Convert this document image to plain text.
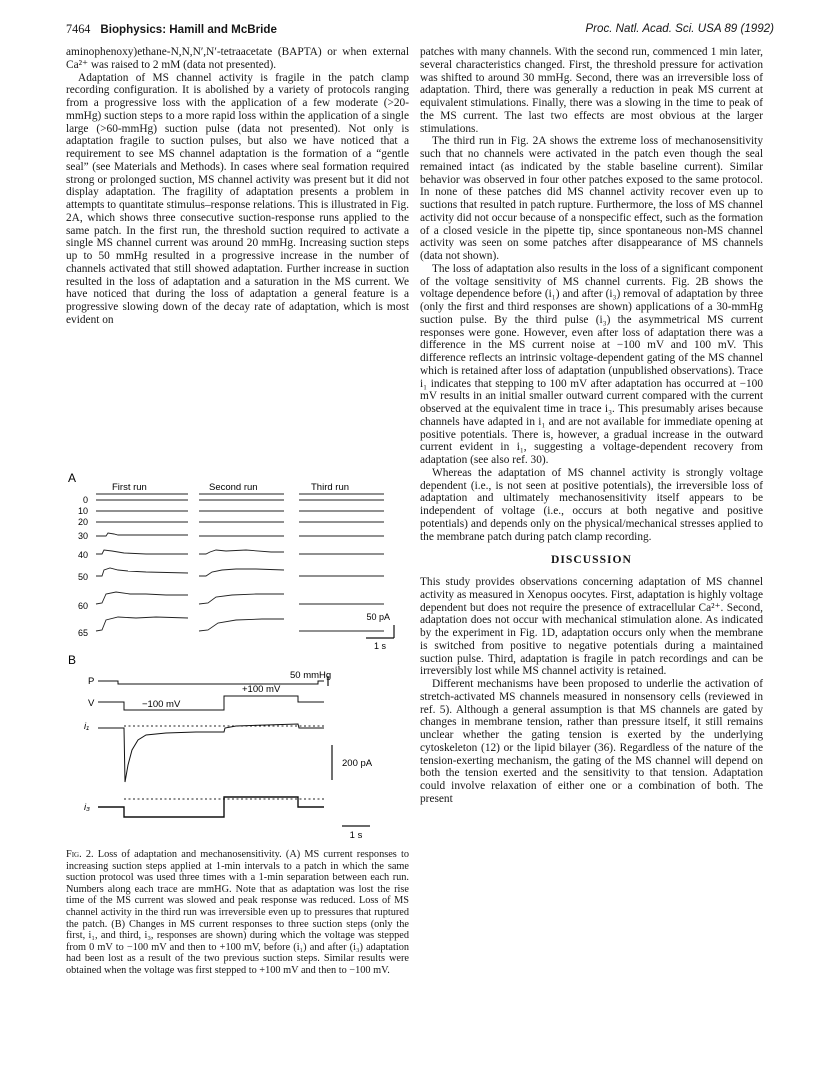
7464 Biophysics: Hamill and McBride	Proc. Natl. Acad. Sci. USA 89 (1992)

aminophenoxy)ethane-N,N,N′,N′-tetraacetate (BAPTA) or when external Ca²⁺ was raised to 2 mM (data not presented).

Adaptation of MS channel activity is fragile in the patch clamp recording configuration. It is abolished by a variety of protocols ranging from a progressive loss with the application of a few moderate (>20-mmHg) suction steps to a more rapid loss within the application of a single large (>60-mmHg) suction pulse (data not presented). Not only is adaptation fragile to suction pulses, but also we have noticed that a requirement to see MS channel adaptation is the formation of a “gentle seal” (see Materials and Methods). In cases where seal formation required strong or prolonged suction, MS channel activity was present but it did not display adaptation. The fragility of adaptation presents a problem in attempts to quantitate stimulus–response relations. This is illustrated in Fig. 2A, which shows three consecutive suction-response runs applied to the same patch. In the first run, the threshold suction required to activate a single MS channel current was around 20 mmHg. Increasing suction steps up to 50 mmHg resulted in a progressive increase in the number of channels activated that still showed adaptation. Further increase in suction resulted in the loss of adaptation and a saturation in the MS current. We have noticed that during the loss of adaptation a general feature is a progressive slowing down of the decay rate of adaptation, which is most evident on

patches with many channels. With the second run, commenced 1 min later, several characteristics changed. First, the threshold pressure for activation was shifted to around 30 mmHg. Second, there was an irreversible loss of adaptation. Third, there was generally a reduction in peak MS current at equivalent stimulations. Finally, there was a slowing in the time to peak of the MS current. The last two effects are most obvious at the larger stimulations.

The third run in Fig. 2A shows the extreme loss of mechanosensitivity such that no channels were activated in the patch even though the seal remained intact (as indicated by the stable baseline current). Similar behavior was observed in four other patches exposed to the same protocol. In none of these patches did MS channel activity recover even up to suctions that resulted in patch rupture. Furthermore, the loss of MS channel activity did not occur because of a nonspecific effect, such as the formation of a closed vesicle in the pipette tip, since spontaneous non-MS channel activity was seen on some patches after disappearance of MS channels (data not shown).

The loss of adaptation also results in the loss of a significant component of the voltage sensitivity of MS channel currents. Fig. 2B shows the voltage dependence before (i₁) and after (i₃) removal of adaptation by three (only the first and third responses are shown) applications of a 30-mmHg suction pulse. By the third pulse (i₃) the asymmetrical MS current responses were gone. However, even after loss of adaptation there was a difference in the MS current noise at −100 mV and 100 mV. This difference reflects an intrinsic voltage-dependent gating of the MS channel which is retained after loss of adaptation (unpublished observations). Trace i₁ indicates that stepping to 100 mV after adaptation has occurred at −100 mV results in an initial smaller outward current compared with the current observed at the equivalent time in trace i₃. This presumably arises because channels have adapted in i₁ and are not available for immediate opening at positive potentials. There is, however, a gradual increase in the outward current evident in i₁, suggesting a voltage-dependent recovery from adaptation (see also ref. 30).

Whereas the adaptation of MS channel activity is strongly voltage dependent (i.e., is not seen at positive potentials), the irreversible loss of adaptation and ultimately mechanosensitivity itself appears to be independent of voltage (i.e., occurs at both negative and positive potentials) and depends only on the physical/mechanical stresses applied to the membrane patch during patch clamp recording.

DISCUSSION

This study provides observations concerning adaptation of MS channel activity as measured in Xenopus oocytes. First, adaptation is highly voltage dependent but does not require the presence of extracellular Ca²⁺. Second, adaptation does not occur with mechanical stimulation alone. As indicated by the experiment in Fig. 1D, adaptation occurs only when the membrane is switched from positive to negative potentials during a maintained suction pulse. Third, adaptation is fragile in patch recordings and can be irreversibly lost while MS channel activity is retained.

Different mechanisms have been proposed to underlie the activation of stretch-activated MS channels measured in nonsensory cells (reviewed in ref. 5). Although a general assumption is that MS channels are gated by changes in membrane tension, rather than pressure itself, it still remains unclear whether the gating tension is exerted by the underlying cytoskeleton (12) or the lipid bilayer (36). Regardless of the nature of the tension-exerting mechanism, the gating of the MS channel will depend on both the tension exerted and the sensitivity to that tension. Adaptation could involve relaxation of either one or a combination of both. The present

A
First run	Second run	Third run
0
10
20
30
40
50
60
65
50 pA
1 s
B
P
50 mmHg
V	−100 mV
+100 mV
i₁
200 pA
i₃
1 s
Fig. 2. Loss of adaptation and mechanosensitivity. (A) MS current responses to increasing suction steps applied at 1-min intervals to a patch in which the same suction protocol was used three times with a 1-min separation between each run. Numbers along each trace are mmHG. Note that as adaptation was lost the rise time of the MS current was slowed and peak response was reduced. Loss of MS channel activity in the third run was irreversible even up to pressures that ruptured the patch. (B) Changes in MS current responses to three suction steps (only the first, i₁, and third, i₃, responses are shown) during which the voltage was stepped from 0 mV to −100 mV and then to +100 mV, before (i₁) and after (i₃) adaptation had been lost as a result of the two previous suction steps. Similar results were obtained when the voltage was first stepped to +100 mV and then to −100 mV.
